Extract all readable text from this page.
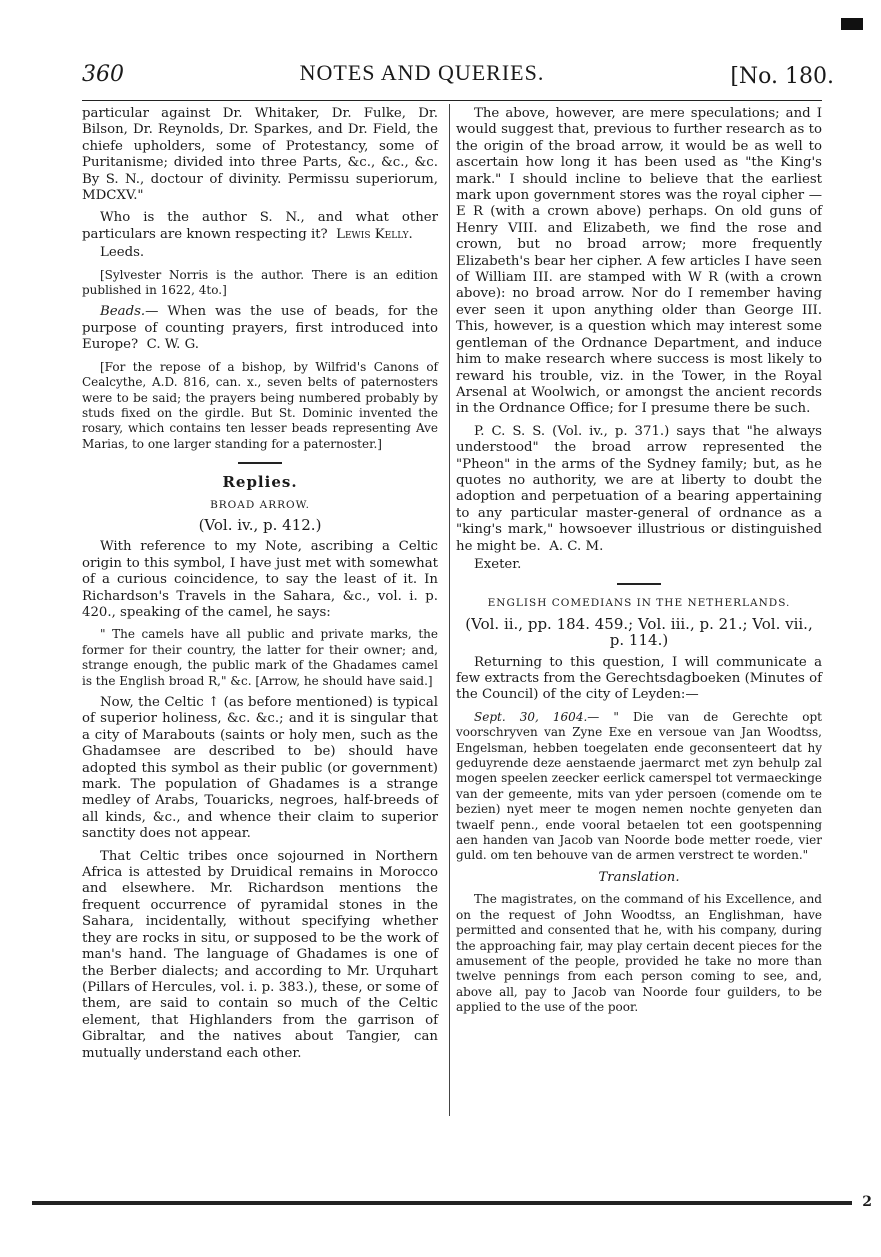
360	NOTES AND QUERIES.	[No. 180.

particular against Dr. Whitaker, Dr. Fulke, Dr. Bilson, Dr. Reynolds, Dr. Sparkes, and Dr. Field, the chiefe upholders, some of Protestancy, some of Puritanisme; divided into three Parts, &c., &c., &c. By S. N., doctour of divinity. Permissu superiorum, MDCXV."

Who is the author S. N., and what other particulars are known respecting it? Lewis Kelly.

Leeds.

[Sylvester Norris is the author. There is an edition published in 1622, 4to.]

Beads.— When was the use of beads, for the purpose of counting prayers, first introduced into Europe? C. W. G.

[For the repose of a bishop, by Wilfrid's Canons of Cealcythe, A.D. 816, can. x., seven belts of paternosters were to be said; the prayers being numbered probably by studs fixed on the girdle. But St. Dominic invented the rosary, which contains ten lesser beads representing Ave Marias, to one larger standing for a paternoster.]

Replies.
BROAD ARROW.
(Vol. iv., p. 412.)

With reference to my Note, ascribing a Celtic origin to this symbol, I have just met with somewhat of a curious coincidence, to say the least of it. In Richardson's Travels in the Sahara, &c., vol. i. p. 420., speaking of the camel, he says:

" The camels have all public and private marks, the former for their country, the latter for their owner; and, strange enough, the public mark of the Ghadames camel is the English broad R," &c. [Arrow, he should have said.]

Now, the Celtic ↑ (as before mentioned) is typical of superior holiness, &c. &c.; and it is singular that a city of Marabouts (saints or holy men, such as the Ghadamsee are described to be) should have adopted this symbol as their public (or government) mark. The population of Ghadames is a strange medley of Arabs, Touaricks, negroes, half-breeds of all kinds, &c., and whence their claim to superior sanctity does not appear.

That Celtic tribes once sojourned in Northern Africa is attested by Druidical remains in Morocco and elsewhere. Mr. Richardson mentions the frequent occurrence of pyramidal stones in the Sahara, incidentally, without specifying whether they are rocks in situ, or supposed to be the work of man's hand. The language of Ghadames is one of the Berber dialects; and according to Mr. Urquhart (Pillars of Hercules, vol. i. p. 383.), these, or some of them, are said to contain so much of the Celtic element, that Highlanders from the garrison of Gibraltar, and the natives about Tangier, can mutually understand each other.

The above, however, are mere speculations; and I would suggest that, previous to further research as to the origin of the broad arrow, it would be as well to ascertain how long it has been used as "the King's mark." I should incline to believe that the earliest mark upon government stores was the royal cipher — E R (with a crown above) perhaps. On old guns of Henry VIII. and Elizabeth, we find the rose and crown, but no broad arrow; more frequently Elizabeth's bear her cipher. A few articles I have seen of William III. are stamped with W R (with a crown above): no broad arrow. Nor do I remember having ever seen it upon anything older than George III. This, however, is a question which may interest some gentleman of the Ordnance Department, and induce him to make research where success is most likely to reward his trouble, viz. in the Tower, in the Royal Arsenal at Woolwich, or amongst the ancient records in the Ordnance Office; for I presume there be such.

P. C. S. S. (Vol. iv., p. 371.) says that "he always understood" the broad arrow represented the "Pheon" in the arms of the Sydney family; but, as he quotes no authority, we are at liberty to doubt the adoption and perpetuation of a bearing appertaining to any particular master-general of ordnance as a "king's mark," howsoever illustrious or distinguished he might be. A. C. M.

Exeter.

ENGLISH COMEDIANS IN THE NETHERLANDS.
(Vol. ii., pp. 184. 459.; Vol. iii., p. 21.; Vol. vii., p. 114.)

Returning to this question, I will communicate a few extracts from the Gerechtsdagboeken (Minutes of the Council) of the city of Leyden:—

Sept. 30, 1604.— " Die van de Gerechte opt voorschryven van Zyne Exe en versoue van Jan Woodtss, Engelsman, hebben toegelaten ende geconsenteert dat hy geduyrende deze aenstaende jaermarct met zyn behulp zal mogen speelen zeecker eerlick camerspel tot vermaeckinge van der gemeente, mits van yder persoen (comende om te bezien) nyet meer te mogen nemen nochte genyeten dan twaelf penn., ende vooral betaelen tot een gootspenning aen handen van Jacob van Noorde bode metter roede, vier guld. om ten behouve van de armen verstrect te worden."

Translation.

The magistrates, on the command of his Excellence, and on the request of John Woodtss, an Englishman, have permitted and consented that he, with his company, during the approaching fair, may play certain decent pieces for the amusement of the people, provided he take no more than twelve pennings from each person coming to see, and, above all, pay to Jacob van Noorde four guilders, to be applied to the use of the poor.

2
